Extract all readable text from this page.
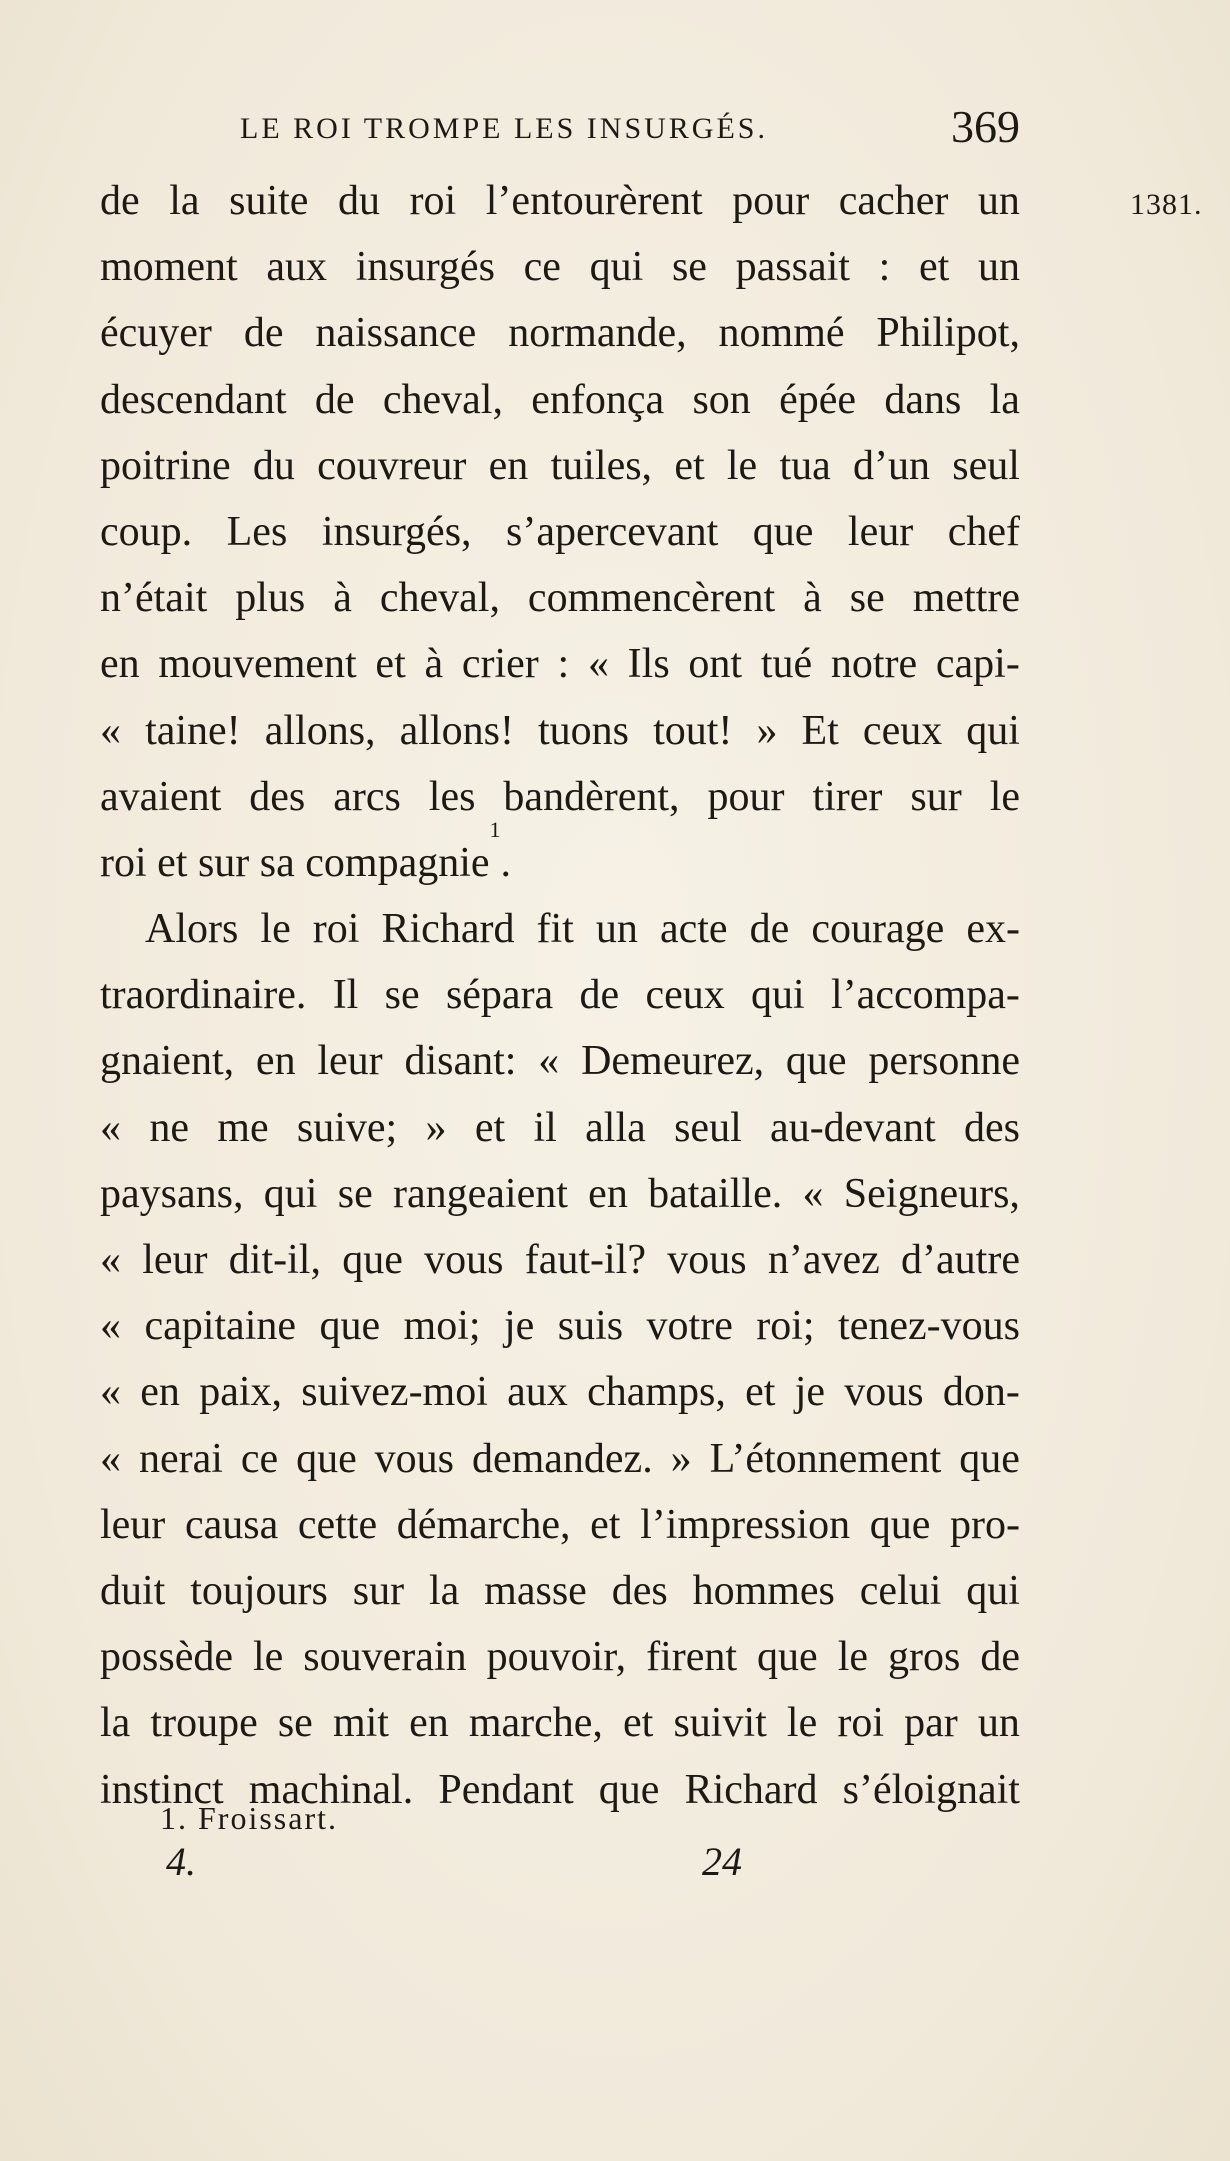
LE ROI TROMPE LES INSURGÉS.	369
1381.
de la suite du roi l’entourèrent pour cacher un
moment aux insurgés ce qui se passait : et un
écuyer de naissance normande, nommé Philipot,
descendant de cheval, enfonça son épée dans la
poitrine du couvreur en tuiles, et le tua d’un seul
coup. Les insurgés, s’apercevant que leur chef
n’était plus à cheval, commencèrent à se mettre
en mouvement et à crier : « Ils ont tué notre capi-
« taine! allons, allons! tuons tout! » Et ceux qui
avaient des arcs les bandèrent, pour tirer sur le
roi et sur sa compagnie
1
.
Alors le roi Richard fit un acte de courage ex-
traordinaire. Il se sépara de ceux qui l’accompa-
gnaient, en leur disant: « Demeurez, que personne
« ne me suive; » et il alla seul au-devant des
paysans, qui se rangeaient en bataille. « Seigneurs,
« leur dit-il, que vous faut-il? vous n’avez d’autre
« capitaine que moi; je suis votre roi; tenez-vous
« en paix, suivez-moi aux champs, et je vous don-
« nerai ce que vous demandez. » L’étonnement que
leur causa cette démarche, et l’impression que pro-
duit toujours sur la masse des hommes celui qui
possède le souverain pouvoir, firent que le gros de
la troupe se mit en marche, et suivit le roi par un
instinct machinal. Pendant que Richard s’éloignait
1. Froissart.
4.	24
